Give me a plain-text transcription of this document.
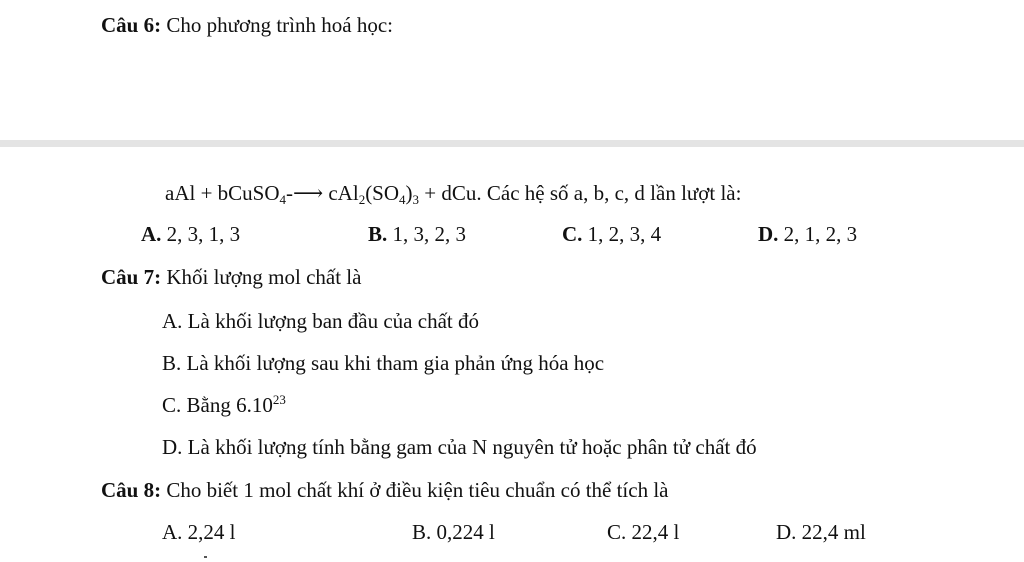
Câu 6: Cho phương trình hoá học:
aAl + bCuSO$_4$-⟶ $cAl_2(SO_4)_3$ + dCu. Các hệ số a, b, c, d lần lượt là:
A. 2, 3, 1, 3	B. 1, 3, 2, 3	C. 1, 2, 3, 4	D. 2, 1, 2, 3
Câu 7: Khối lượng mol chất là
A. Là khối lượng ban đầu của chất đó
B. Là khối lượng sau khi tham gia phản ứng hóa học
C. Bằng 6.10$^{23}$
D. Là khối lượng tính bằng gam của N nguyên tử hoặc phân tử chất đó
Câu 8: Cho biết 1 mol chất khí ở điều kiện tiêu chuẩn có thể tích là
A. 2,24 l	B. 0,224 l	C. 22,4 l	D. 22,4 ml
